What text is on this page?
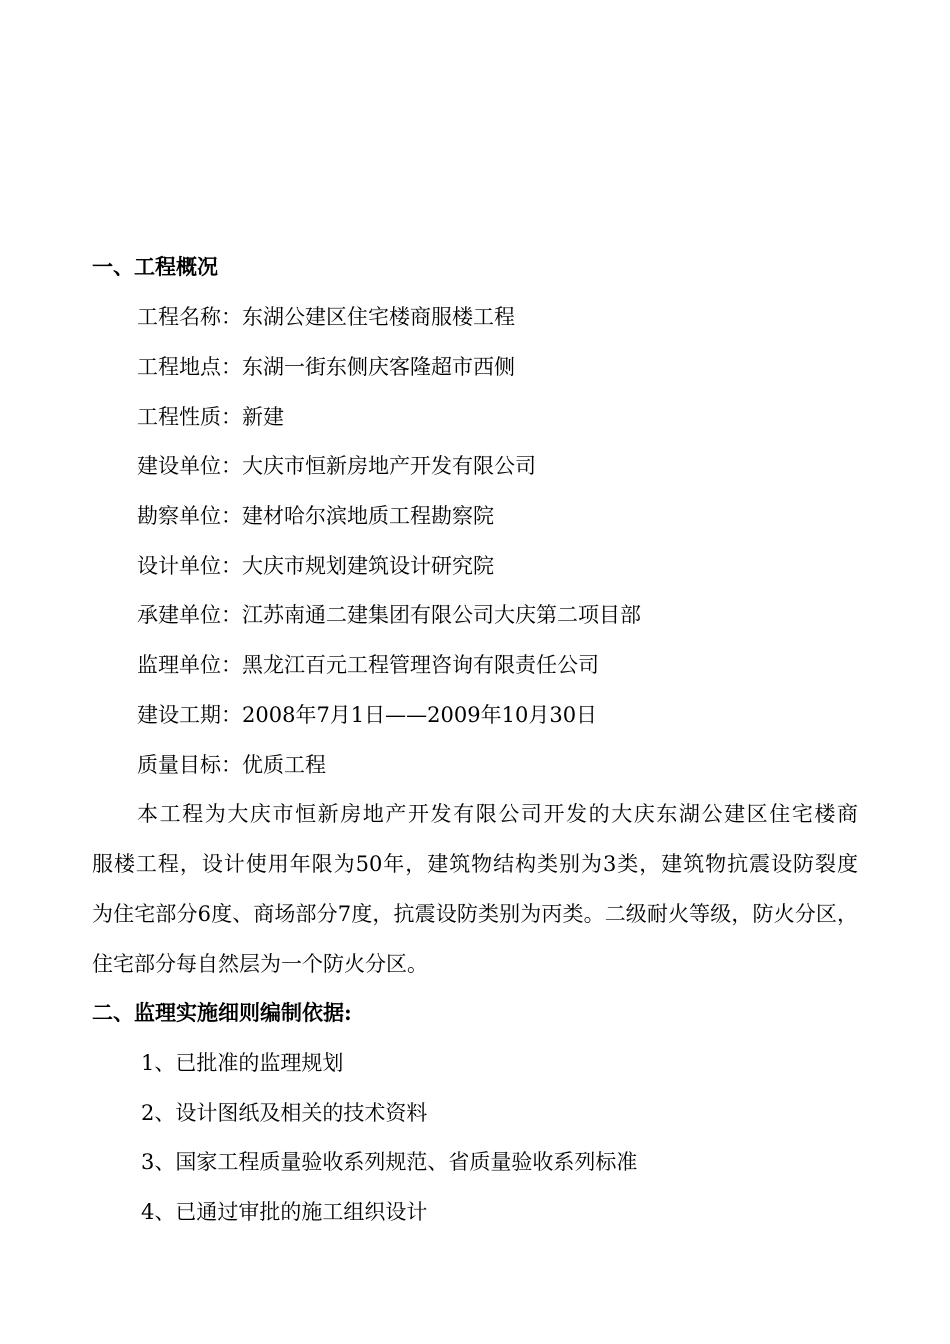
一、工程概况

工程名称：东湖公建区住宅楼商服楼工程

工程地点：东湖一街东侧庆客隆超市西侧

工程性质：新建

建设单位：大庆市恒新房地产开发有限公司

勘察单位：建材哈尔滨地质工程勘察院

设计单位：大庆市规划建筑设计研究院

承建单位：江苏南通二建集团有限公司大庆第二项目部

监理单位：黑龙江百元工程管理咨询有限责任公司

建设工期：2008年7月1日——2009年10月30日

质量目标：优质工程

本工程为大庆市恒新房地产开发有限公司开发的大庆东湖公建区住宅楼商

服楼工程，设计使用年限为50年，建筑物结构类别为3类，建筑物抗震设防裂度

为住宅部分6度、商场部分7度，抗震设防类别为丙类。二级耐火等级，防火分区，

住宅部分每自然层为一个防火分区。

二、监理实施细则编制依据:

1、已批准的监理规划

2、设计图纸及相关的技术资料

3、国家工程质量验收系列规范、省质量验收系列标准

4、已通过审批的施工组织设计
